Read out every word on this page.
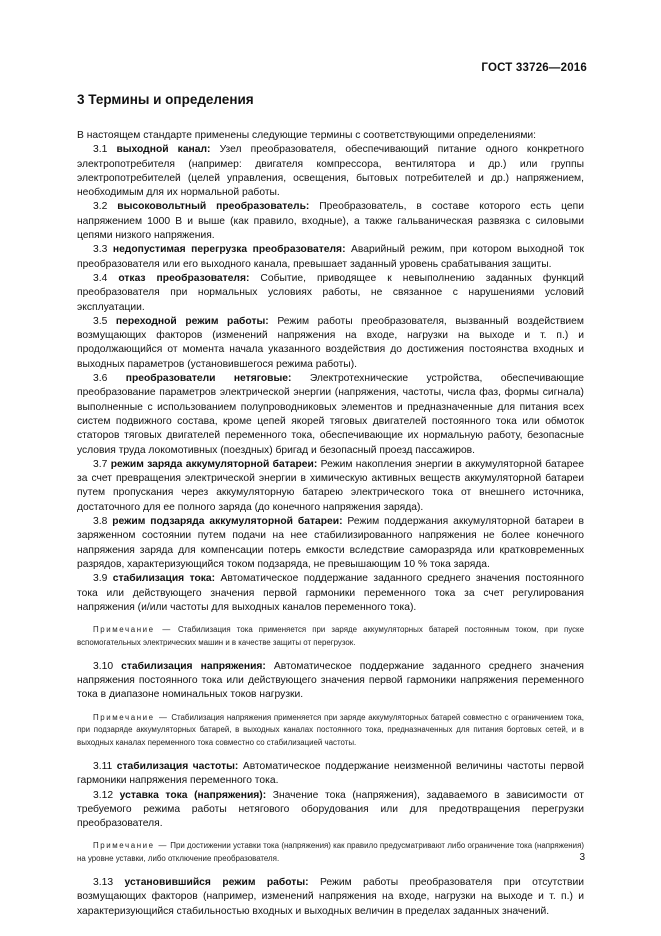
ГОСТ 33726—2016
3 Термины и определения

В настоящем стандарте применены следующие термины с соответствующими определениями:

3.1 выходной канал: Узел преобразователя, обеспечивающий питание одного конкретного электропотребителя (например: двигателя компрессора, вентилятора и др.) или группы электропотребителей (целей управления, освещения, бытовых потребителей и др.) напряжением, необходимым для их нормальной работы.

3.2 высоковольтный преобразователь: Преобразователь, в составе которого есть цепи напряжением 1000 В и выше (как правило, входные), а также гальваническая развязка с силовыми цепями низкого напряжения.

3.3 недопустимая перегрузка преобразователя: Аварийный режим, при котором выходной ток преобразователя или его выходного канала, превышает заданный уровень срабатывания защиты.

3.4 отказ преобразователя: Событие, приводящее к невыполнению заданных функций преобразователя при нормальных условиях работы, не связанное с нарушениями условий эксплуатации.

3.5 переходной режим работы: Режим работы преобразователя, вызванный воздействием возмущающих факторов (изменений напряжения на входе, нагрузки на выходе и т. п.) и продолжающийся от момента начала указанного воздействия до достижения постоянства входных и выходных параметров (установившегося режима работы).

3.6 преобразователи нетяговые: Электротехнические устройства, обеспечивающие преобразование параметров электрической энергии (напряжения, частоты, числа фаз, формы сигнала) выполненные с использованием полупроводниковых элементов и предназначенные для питания всех систем подвижного состава, кроме цепей якорей тяговых двигателей постоянного тока или обмоток статоров тяговых двигателей переменного тока, обеспечивающие их нормальную работу, безопасные условия труда локомотивных (поездных) бригад и безопасный проезд пассажиров.

3.7 режим заряда аккумуляторной батареи: Режим накопления энергии в аккумуляторной батарее за счет превращения электрической энергии в химическую активных веществ аккумуляторной батареи путем пропускания через аккумуляторную батарею электрического тока от внешнего источника, достаточного для ее полного заряда (до конечного напряжения заряда).

3.8 режим подзаряда аккумуляторной батареи: Режим поддержания аккумуляторной батареи в заряженном состоянии путем подачи на нее стабилизированного напряжения не более конечного напряжения заряда для компенсации потерь емкости вследствие саморазряда или кратковременных разрядов, характеризующийся током подзаряда, не превышающим 10 % тока заряда.

3.9 стабилизация тока: Автоматическое поддержание заданного среднего значения постоянного тока или действующего значения первой гармоники переменного тока за счет регулирования напряжения (и/или частоты для выходных каналов переменного тока).

Примечание — Стабилизация тока применяется при заряде аккумуляторных батарей постоянным током, при пуске вспомогательных электрических машин и в качестве защиты от перегрузок.

3.10 стабилизация напряжения: Автоматическое поддержание заданного среднего значения напряжения постоянного тока или действующего значения первой гармоники напряжения переменного тока в диапазоне номинальных токов нагрузки.

Примечание — Стабилизация напряжения применяется при заряде аккумуляторных батарей совместно с ограничением тока, при подзаряде аккумуляторных батарей, в выходных каналах постоянного тока, предназначенных для питания бортовых сетей, и в выходных каналах переменного тока совместно со стабилизацией частоты.

3.11 стабилизация частоты: Автоматическое поддержание неизменной величины частоты первой гармоники напряжения переменного тока.

3.12 уставка тока (напряжения): Значение тока (напряжения), задаваемого в зависимости от требуемого режима работы нетягового оборудования или для предотвращения перегрузки преобразователя.

Примечание — При достижении уставки тока (напряжения) как правило предусматривают либо ограничение тока (напряжения) на уровне уставки, либо отключение преобразователя.

3.13 установившийся режим работы: Режим работы преобразователя при отсутствии возмущающих факторов (например, изменений напряжения на входе, нагрузки на выходе и т. п.) и характеризующийся стабильностью входных и выходных величин в пределах заданных значений.

3
